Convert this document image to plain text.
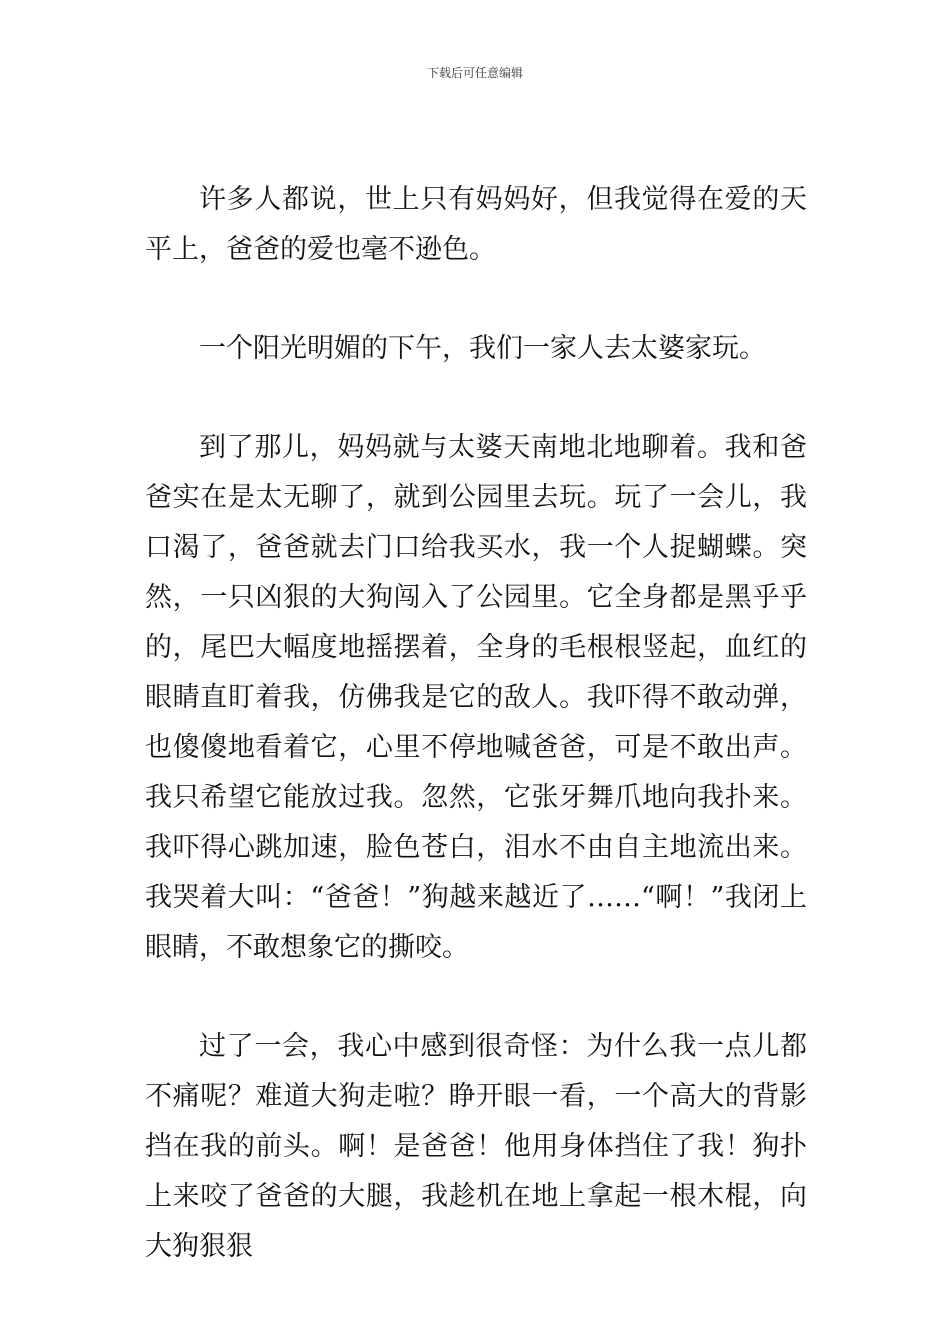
下载后可任意编辑

许多人都说，世上只有妈妈好，但我觉得在爱的天平上，爸爸的爱也毫不逊色。

一个阳光明媚的下午，我们一家人去太婆家玩。

到了那儿，妈妈就与太婆天南地北地聊着。我和爸爸实在是太无聊了，就到公园里去玩。玩了一会儿，我口渴了，爸爸就去门口给我买水，我一个人捉蝴蝶。突然，一只凶狠的大狗闯入了公园里。它全身都是黑乎乎的，尾巴大幅度地摇摆着，全身的毛根根竖起，血红的眼睛直盯着我，仿佛我是它的敌人。我吓得不敢动弹，也傻傻地看着它，心里不停地喊爸爸，可是不敢出声。我只希望它能放过我。忽然，它张牙舞爪地向我扑来。我吓得心跳加速，脸色苍白，泪水不由自主地流出来。我哭着大叫：“爸爸！”狗越来越近了……“啊！”我闭上眼睛，不敢想象它的撕咬。

过了一会，我心中感到很奇怪：为什么我一点儿都不痛呢？难道大狗走啦？睁开眼一看，一个高大的背影挡在我的前头。啊！是爸爸！他用身体挡住了我！狗扑上来咬了爸爸的大腿，我趁机在地上拿起一根木棍，向大狗狠狠
